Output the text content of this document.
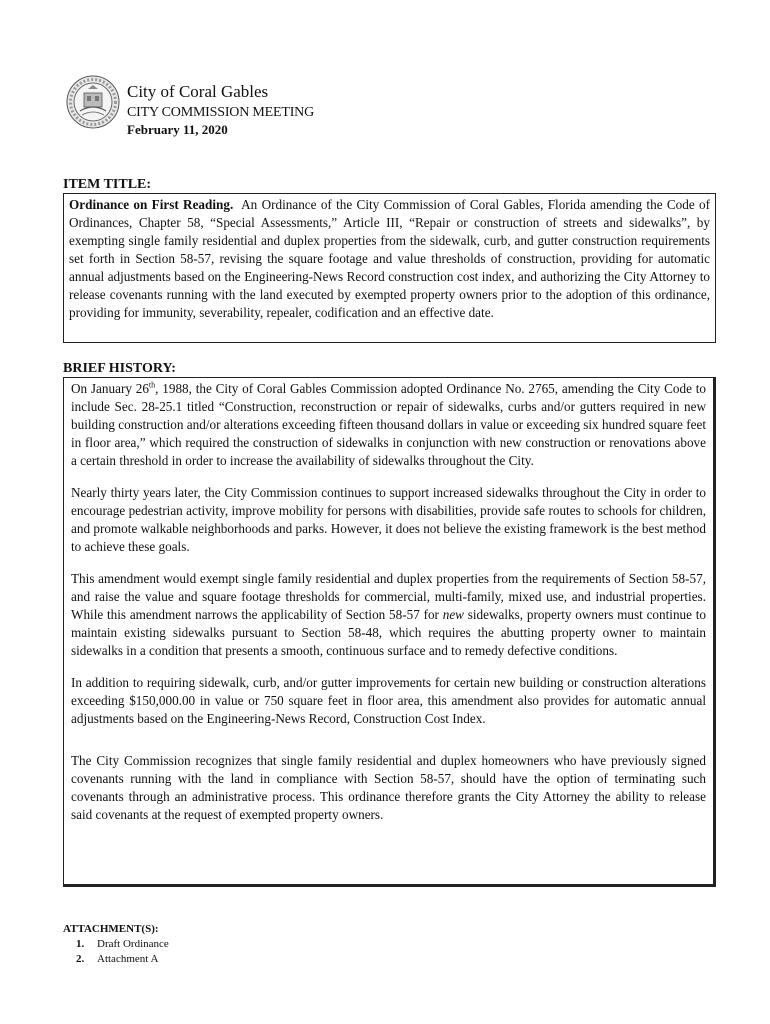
City of Coral Gables
CITY COMMISSION MEETING
February 11, 2020
ITEM TITLE:

Ordinance on First Reading. An Ordinance of the City Commission of Coral Gables, Florida amending the Code of Ordinances, Chapter 58, “Special Assessments,” Article III, “Repair or construction of streets and sidewalks”, by exempting single family residential and duplex properties from the sidewalk, curb, and gutter construction requirements set forth in Section 58-57, revising the square footage and value thresholds of construction, providing for automatic annual adjustments based on the Engineering-News Record construction cost index, and authorizing the City Attorney to release covenants running with the land executed by exempted property owners prior to the adoption of this ordinance, providing for immunity, severability, repealer, codification and an effective date.

BRIEF HISTORY:

On January 26th, 1988, the City of Coral Gables Commission adopted Ordinance No. 2765, amending the City Code to include Sec. 28-25.1 titled “Construction, reconstruction or repair of sidewalks, curbs and/or gutters required in new building construction and/or alterations exceeding fifteen thousand dollars in value or exceeding six hundred square feet in floor area,” which required the construction of sidewalks in conjunction with new construction or renovations above a certain threshold in order to increase the availability of sidewalks throughout the City.

Nearly thirty years later, the City Commission continues to support increased sidewalks throughout the City in order to encourage pedestrian activity, improve mobility for persons with disabilities, provide safe routes to schools for children, and promote walkable neighborhoods and parks. However, it does not believe the existing framework is the best method to achieve these goals.

This amendment would exempt single family residential and duplex properties from the requirements of Section 58-57, and raise the value and square footage thresholds for commercial, multi-family, mixed use, and industrial properties. While this amendment narrows the applicability of Section 58-57 for new sidewalks, property owners must continue to maintain existing sidewalks pursuant to Section 58-48, which requires the abutting property owner to maintain sidewalks in a condition that presents a smooth, continuous surface and to remedy defective conditions.

In addition to requiring sidewalk, curb, and/or gutter improvements for certain new building or construction alterations exceeding $150,000.00 in value or 750 square feet in floor area, this amendment also provides for automatic annual adjustments based on the Engineering-News Record, Construction Cost Index.

The City Commission recognizes that single family residential and duplex homeowners who have previously signed covenants running with the land in compliance with Section 58-57, should have the option of terminating such covenants through an administrative process. This ordinance therefore grants the City Attorney the ability to release said covenants at the request of exempted property owners.

ATTACHMENT(S):
1. Draft Ordinance
2. Attachment A
